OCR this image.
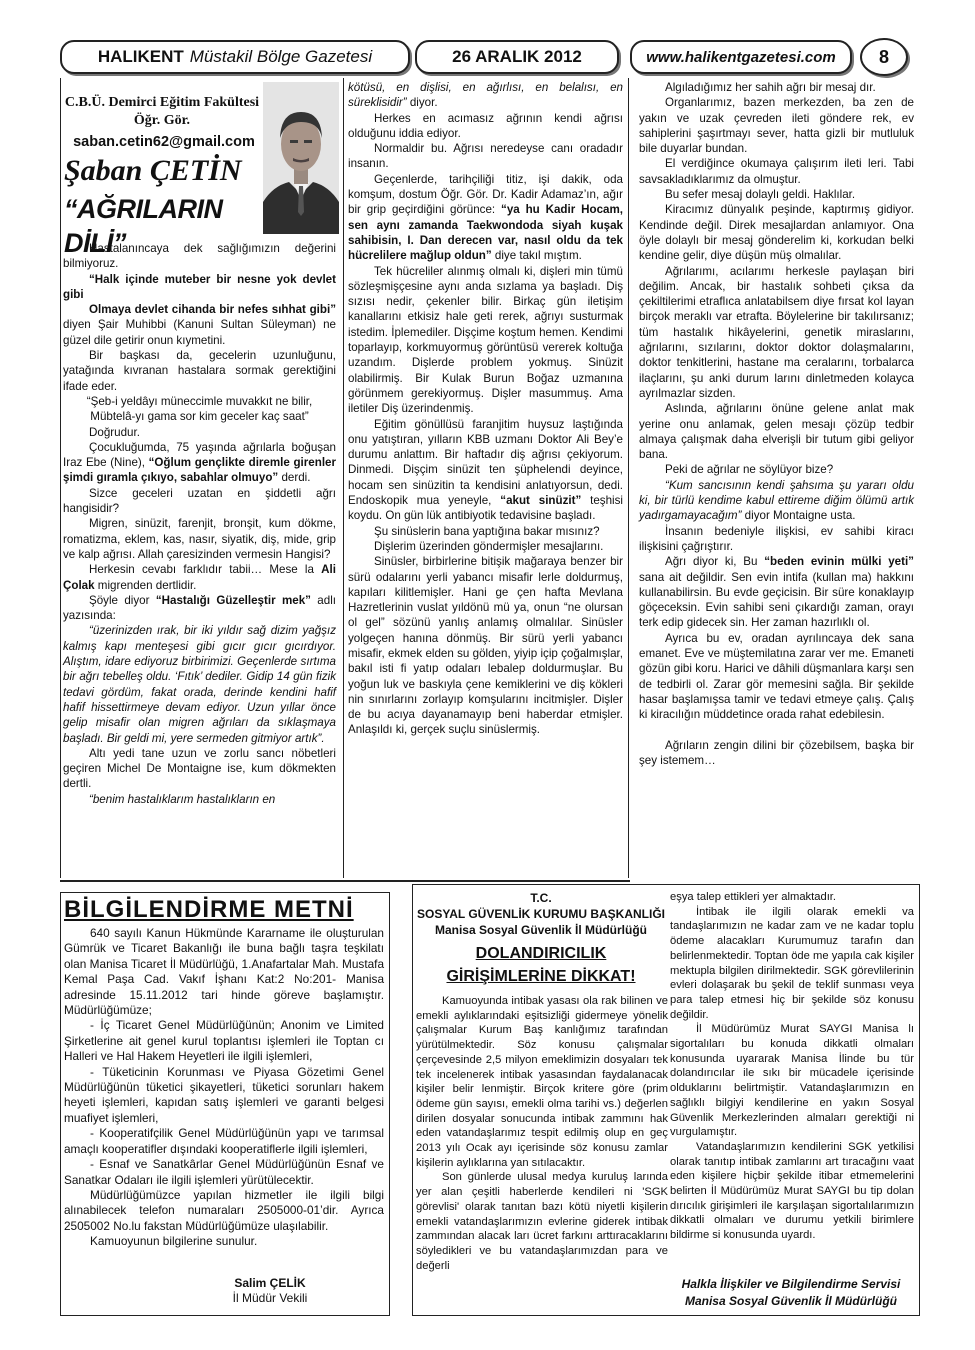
HALIKENT Müstakil Bölge Gazetesi	26 ARALIK 2012	www.halikentgazetesi.com 8
C.B.Ü. Demirci Eğitim Fakültesi
Öğr. Gör.
saban.cetin62@gmail.com
Şaban ÇETİN
“AĞRILARIN DİLİ”

Hastalanıncaya dek sağlığımızın değerini bilmiyoruz.

“Halk içinde muteber bir nesne yok devlet gibi

Olmaya devlet cihanda bir nefes sıhhat gibi” diyen Şair Muhibbi (Kanuni Sultan Süleyman) ne güzel dile getirir onun kıymetini.

Bir başkası da, gecelerin uzunluğunu, yatağında kıvranan hastalara sormak gerektiğini ifade eder.

“Şeb-i yeldâyı müneccimle muvakkıt ne bilir,

Mübtelâ-yı gama sor kim geceler kaç saat”

Doğrudur.

Çocukluğumda, 75 yaşında ağrılarla boğuşan Iraz Ebe (Nine), “Oğlum gençlikte diremle girenler şimdi gıramla çıkıyo, sabahlar olmuyo” derdi.

Sizce geceleri uzatan en şiddetli ağrı hangisidir?

Migren, sinüzit, farenjit, bronşit, kum dökme, romatizma, eklem, kas, nasır, siyatik, diş, mide, grip ve kalp ağrısı. Allah çaresizinden vermesin Hangisi?

Herkesin cevabı farklıdır tabii… Mese la Ali Çolak migrenden dertlidir.

Şöyle diyor “Hastalığı Güzelleştir mek” adlı yazısında:

“üzerinizden ırak, bir iki yıldır sağ dizim yağşız kalmış kapı menteşesi gibi gıcır gıcır gıcırdıyor. Alıştım, idare ediyoruz birbirimizi. Geçenlerde sırtıma bir ağrı tebelleş oldu. ‘Fıtık’ dediler. Gidip 14 gün fizik tedavi gördüm, fakat orada, derinde kendini hafif hafif hissettirmeye devam ediyor. Uzun yıllar önce gelip misafir olan migren ağrıları da sıklaşmaya başladı. Bir geldi mi, yere sermeden gitmiyor artık”.

Altı yedi tane uzun ve zorlu sancı nöbetleri geçiren Michel De Montaigne ise, kum dökmekten dertli.

“benim hastalıklarım hastalıkların en

kötüsü, en dişlisi, en ağırlısı, en belalısı, en süreklisidir” diyor.

Herkes en acımasız ağrının kendi ağrısı olduğunu iddia ediyor.

Normaldir bu. Ağrısı neredeyse canı oradadır insanın.

Geçenlerde, tarihçiliği titiz, işi dakik, oda komşum, dostum Öğr. Gör. Dr. Kadir Adamaz’ın, ağır bir grip geçirdiğini görünce: “ya hu Kadir Hocam, sen aynı zamanda Taekwondoda siyah kuşak sahibisin, I. Dan derecen var, nasıl oldu da tek hücrelilere mağlup oldun” diye takıl mıştım.

Tek hücreliler alınmış olmalı ki, dişleri min tümü sözleşmişçesine aynı anda sızlama ya başladı. Diş sızısı nedir, çekenler bilir. Birkaç gün iletişim kanallarını etkisiz hale geti rerek, ağrıyı susturmak istedim. İplemediler. Dişçime koştum hemen. Kendimi toparlayıp, korkmuyormuş görüntüsü vererek koltuğa uzandım. Dişlerde problem yokmuş. Sinüzit olabilirmiş. Bir Kulak Burun Boğaz uzmanına görünmem gerekiyormuş. Dişler masummuş. Ama iletiler Diş üzerindenmiş.

Eğitim gönüllüsü faranjitim huysuz laştığında onu yatıştıran, yılların KBB uzmanı Doktor Ali Bey’e durumu anlattım. Bir haftadır diş ağrısı çekiyorum. Dinmedi. Dişçim sinüzit ten şüphelendi deyince, hocam sen sinüzitin ta kendisini anlatıyorsun, dedi. Endoskopik mua yeneyle, “akut sinüzit” teşhisi koydu. On gün lük antibiyotik tedavisine başladı.

Şu sinüslerin bana yaptığına bakar mısınız?

Dişlerim üzerinden göndermişler mesajlarını.

Sinüsler, birbirlerine bitişik mağaraya benzer bir sürü odalarını yerli yabancı misafir lerle doldurmuş, kapıları kilitlemişler. Hani ge çen hafta Mevlana Hazretlerinin vuslat yıldönü mü ya, onun “ne olursan ol gel” sözünü yanlış anlamış olmalılar. Sinüsler yolgeçen hanına dönmüş. Bir sürü yerli yabancı misafir, ekmek elden su gölden, yiyip içip çoğalmışlar, bakıl isti fi yatıp odaları lebalep doldurmuşlar. Bu yoğun luk ve baskıyla çene kemiklerini ve diş kökleri nin sınırlarını zorlayıp komşularını incitmişler. Dişler de bu acıya dayanamayıp beni haberdar etmişler. Anlaşıldı ki, gerçek suçlu sinüslermiş.

Algıladığımız her sahih ağrı bir mesaj dır.

Organlarımız, bazen merkezden, ba zen de yakın ve uzak çevreden ileti göndere rek, ev sahiplerini şaşırtmayı sever, hatta gizli bir mutluluk bile duyarlar bundan.

El verdiğince okumaya çalışırım ileti leri. Tabi savsakladıklarımız da olmuştur.

Bu sefer mesaj dolaylı geldi. Haklılar.

Kiracımız dünyalık peşinde, kaptırmış gidiyor. Kendinde değil. Direk mesajlardan anlamıyor. Ona öyle dolaylı bir mesaj gönderelim ki, korkudan belki kendine gelir, diye düşün müş olmalılar.

Ağrılarımı, acılarımı herkesle paylaşan biri değilim. Ancak, bir hastalık sohbeti çıksa da çekiltilerimi etraflıca anlatabilsem diye fırsat kol layan birçok meraklı var etrafta. Böylelerine bir takılırsanız; tüm hastalık hikâyelerini, genetik miraslarını, ağrılarını, sızılarını, doktor doktor dolaşmalarını, doktor tenkitlerini, hastane ma ceralarını, torbalarca ilaçlarını, şu anki durum larını dinletmeden kolayca ayrılmazlar sizden.

Aslında, ağrılarını önüne gelene anlat mak yerine onu anlamak, gelen mesajı çözüp tedbir almaya çalışmak daha elverişli bir tutum gibi geliyor bana.

Peki de ağrılar ne söylüyor bize?

“Kum sancısının kendi şahsıma şu yararı oldu ki, bir türlü kendime kabul ettireme diğim ölümü artık yadırgamayacağım” diyor Montaigne usta.

İnsanın bedeniyle ilişkisi, ev sahibi kiracı ilişkisini çağrıştırır.

Ağrı diyor ki, Bu “beden evinin mülki yeti” sana ait değildir. Sen evin intifa (kullan ma) hakkını kullanabilirsin. Bu evde geçicisin. Bir süre konaklayıp göçeceksin. Evin sahibi seni çıkardığı zaman, orayı terk edip gidecek sin. Her zaman hazırlıklı ol.

Ayrıca bu ev, oradan ayrılıncaya dek sana emanet. Eve ve müştemilatına zarar ver me. Emaneti gözün gibi koru. Harici ve dâhili düşmanlara karşı sen de tedbirli ol. Zarar gör memesini sağla. Bir şekilde hasar başlamışsa tamir ve tedavi etmeye çalış. Çalış ki kiracılığın müddetince orada rahat edebilesin.

Ağrıların zengin dilini bir çözebilsem, başka bir şey istemem…

BİLGİLENDİRME METNİ

640 sayılı Kanun Hükmünde Kararname ile oluşturulan Gümrük ve Ticaret Bakanlığı ile buna bağlı taşra teşkilatı olan Manisa Ticaret İl Müdürlüğü, 1.Anafartalar Mah. Mustafa Kemal Paşa Cad. Vakıf İşhanı Kat:2 No:201- Manisa adresinde 15.11.2012 tari hinde göreve başlamıştır. Müdürlüğümüze;

- İç Ticaret Genel Müdürlüğünün; Anonim ve Limited Şirketlerine ait genel kurul toplantısı işlemleri ile Toptan cı Halleri ve Hal Hakem Heyetleri ile ilgili işlemleri,

- Tüketicinin Korunması ve Piyasa Gözetimi Genel Müdürlüğünün tüketici şikayetleri, tüketici sorunları hakem heyeti işlemleri, kapıdan satış işlemleri ve garanti belgesi muafiyet işlemleri,

- Kooperatifçilik Genel Müdürlüğünün yapı ve tarımsal amaçlı kooperatifler dışındaki kooperatiflerle ilgili işlemleri,

- Esnaf ve Sanatkârlar Genel Müdürlüğünün Esnaf ve Sanatkar Odaları ile ilgili işlemleri yürütülecektir.

Müdürlüğümüzce yapılan hizmetler ile ilgili bilgi alınabilecek telefon numaraları 2505000-01’dir. Ayrıca 2505002 No.lu fakstan Müdürlüğümüze ulaşılabilir.

Kamuoyunun bilgilerine sunulur.

Salim ÇELİK
İl Müdür Vekili
T.C.
SOSYAL GÜVENLİK KURUMU BAŞKANLIĞI
Manisa Sosyal Güvenlik İl Müdürlüğü
DOLANDIRICILIK
GİRİŞİMLERİNE DİKKAT!

Kamuoyunda intibak yasası ola rak bilinen ve emekli aylıklarındaki eşitsizliği gidermeye yönelik çalışmalar Kurum Baş kanlığımız tarafından yürütülmektedir. Söz konusu çalışmalar çerçevesinde 2,5 milyon emeklimizin dosyaları tek tek incelenerek intibak yasasından faydalanacak kişiler belir lenmiştir. Birçok kritere göre (prim ödeme gün sayısı, emekli olma tarihi vs.) değerlen dirilen dosyalar sonucunda intibak zammını hak eden vatandaşlarımız tespit edilmiş olup en geç 2013 yılı Ocak ayı içerisinde söz konusu zamlar kişilerin aylıklarına yan sıtılacaktır.

Son günlerde ulusal medya kuruluş larında yer alan çeşitli haberlerde kendileri ni 'SGK görevlisi' olarak tanıtan bazı kötü niyetli kişilerin emekli vatandaşlarımızın evlerine giderek intibak zammından alacak ları ücret farkını arttıracaklarını söyledikleri ve bu vatandaşlarımızdan para ve değerli

eşya talep ettikleri yer almaktadır.

İntibak ile ilgili olarak emekli va tandaşlarımızın ne kadar zam ve ne kadar toplu ödeme alacakları Kurumumuz tarafın dan belirlenmektedir. Toptan öde me yapıla cak kişiler mektupla bilgilen dirilmektedir. SGK görevlilerinin evleri dolaşarak bu şekil de teklif sunması veya para talep etmesi hiç bir şekilde söz konusu değildir.

İl Müdürümüz Murat SAYGI Manisa lı sigortalıları bu konuda dikkatli olmaları konusunda uyararak Manisa İlinde bu tür dolandırıcılar ile sıkı bir mücadele içerisinde olduklarını belirtmiştir. Vatandaşlarımızın en sağlıklı bilgiyi kendilerine en yakın Sosyal Güvenlik Merkezlerinden almaları gerektiği ni vurgulamıştır.

Vatandaşlarımızın kendilerini SGK yetkilisi olarak tanıtıp intibak zamlarını art tıracağını vaat eden kişilere hiçbir şekilde itibar etmemelerini belirten İl Müdürümüz Murat SAYGI bu tip dolan dırıcılık girişimleri ile karşılaşan sigortalılarımızın dikkatli olmaları ve durumu yetkili birimlere bildirme si konusunda uyardı.

Halkla İlişkiler ve Bilgilendirme Servisi
Manisa Sosyal Güvenlik İl Müdürlüğü
